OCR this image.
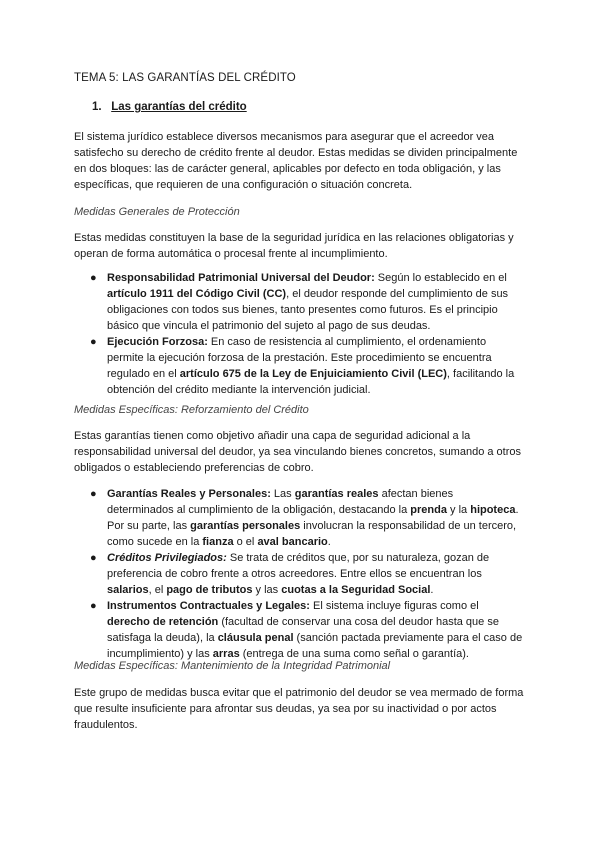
TEMA 5: LAS GARANTÍAS DEL CRÉDITO
1. Las garantías del crédito
El sistema jurídico establece diversos mecanismos para asegurar que el acreedor vea
satisfecho su derecho de crédito frente al deudor. Estas medidas se dividen principalmente
en dos bloques: las de carácter general, aplicables por defecto en toda obligación, y las
específicas, que requieren de una configuración o situación concreta.
Medidas Generales de Protección
Estas medidas constituyen la base de la seguridad jurídica en las relaciones obligatorias y
operan de forma automática o procesal frente al incumplimiento.
● Responsabilidad Patrimonial Universal del Deudor: Según lo establecido en el
artículo 1911 del Código Civil (CC), el deudor responde del cumplimiento de sus
obligaciones con todos sus bienes, tanto presentes como futuros. Es el principio
básico que vincula el patrimonio del sujeto al pago de sus deudas.
● Ejecución Forzosa: En caso de resistencia al cumplimiento, el ordenamiento
permite la ejecución forzosa de la prestación. Este procedimiento se encuentra
regulado en el artículo 675 de la Ley de Enjuiciamiento Civil (LEC), facilitando la
obtención del crédito mediante la intervención judicial.
Medidas Específicas: Reforzamiento del Crédito
Estas garantías tienen como objetivo añadir una capa de seguridad adicional a la
responsabilidad universal del deudor, ya sea vinculando bienes concretos, sumando a otros
obligados o estableciendo preferencias de cobro.
● Garantías Reales y Personales: Las garantías reales afectan bienes
determinados al cumplimiento de la obligación, destacando la prenda y la hipoteca.
Por su parte, las garantías personales involucran la responsabilidad de un tercero,
como sucede en la fianza o el aval bancario.
● Créditos Privilegiados: Se trata de créditos que, por su naturaleza, gozan de
preferencia de cobro frente a otros acreedores. Entre ellos se encuentran los
salarios, el pago de tributos y las cuotas a la Seguridad Social.
● Instrumentos Contractuales y Legales: El sistema incluye figuras como el
derecho de retención (facultad de conservar una cosa del deudor hasta que se
satisfaga la deuda), la cláusula penal (sanción pactada previamente para el caso de
incumplimiento) y las arras (entrega de una suma como señal o garantía).
Medidas Específicas: Mantenimiento de la Integridad Patrimonial
Este grupo de medidas busca evitar que el patrimonio del deudor se vea mermado de forma
que resulte insuficiente para afrontar sus deudas, ya sea por su inactividad o por actos
fraudulentos.
